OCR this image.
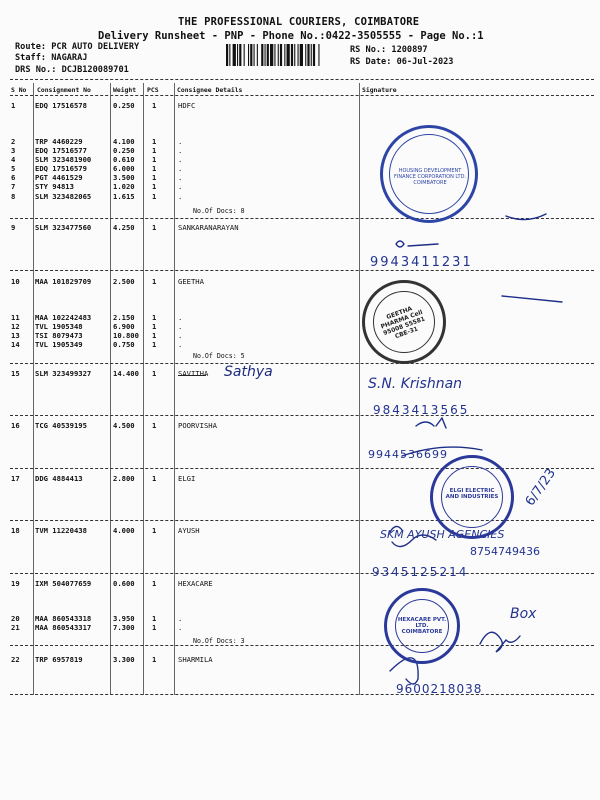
THE PROFESSIONAL COURIERS, COIMBATORE
Delivery Runsheet - PNP - Phone No.:0422-3505555 - Page No.:1
Route: PCR AUTO DELIVERY
Staff: NAGARAJ
DRS No.: DCJB120089701
RS No.: 1200897
RS Date: 06-Jul-2023
S No Consignment No	Weight PCS	Consignee Details	Signature
1	EDQ 17516578	0.250 1	HDFC
2	TRP 4460229	4.100 1	.
3	EDQ 17516577	0.250 1	.
4	SLM 323481900	0.610 1	.
5	EDQ 17516579	6.000 1	.
6	PGT 4461529	3.500 1	.
7	STY 94813	1.020 1	.
8	SLM 323482065	1.615 1	.
9	SLM 323477560	4.250 1	SANKARANARAYAN
10 MAA 101829709	2.500 1	GEETHA
11 MAA 102242483	2.150 1	.
12 TVL 1905348	6.900 1	.
13 TSI 8079473	10.800 1	.
14 TVL 1905349	0.750 1	.
15 SLM 323499327	14.400 1	SAVITHA
16 TCG 40539195	4.500 1	POORVISHA
17 DDG 4884413	2.800 1	ELGI
18 TVM 11220438	4.000 1	AYUSH
19 IXM 504077659	0.600 1	HEXACARE
20 MAA 860543318	3.950 1	.
21 MAA 860543317	7.300 1	.
22 TRP 6957819	3.300 1	SHARMILA
No.Of Docs: 8
No.Of Docs: 5
No.Of Docs: 3
Sathya
9943411231
S.N. Krishnan
9843413565
9944536699
6/7/23
SKM AYUSH AGENCIES
8754749436
9345125214
Box
9600218038
HOUSING DEVELOPMENT FINANCE CORPORATION LTD. COIMBATORE
GEETHA PHARMA Cell 95008 55581 CBE-31
ELGI ELECTRIC AND INDUSTRIES
HEXACARE PVT. LTD. COIMBATORE
